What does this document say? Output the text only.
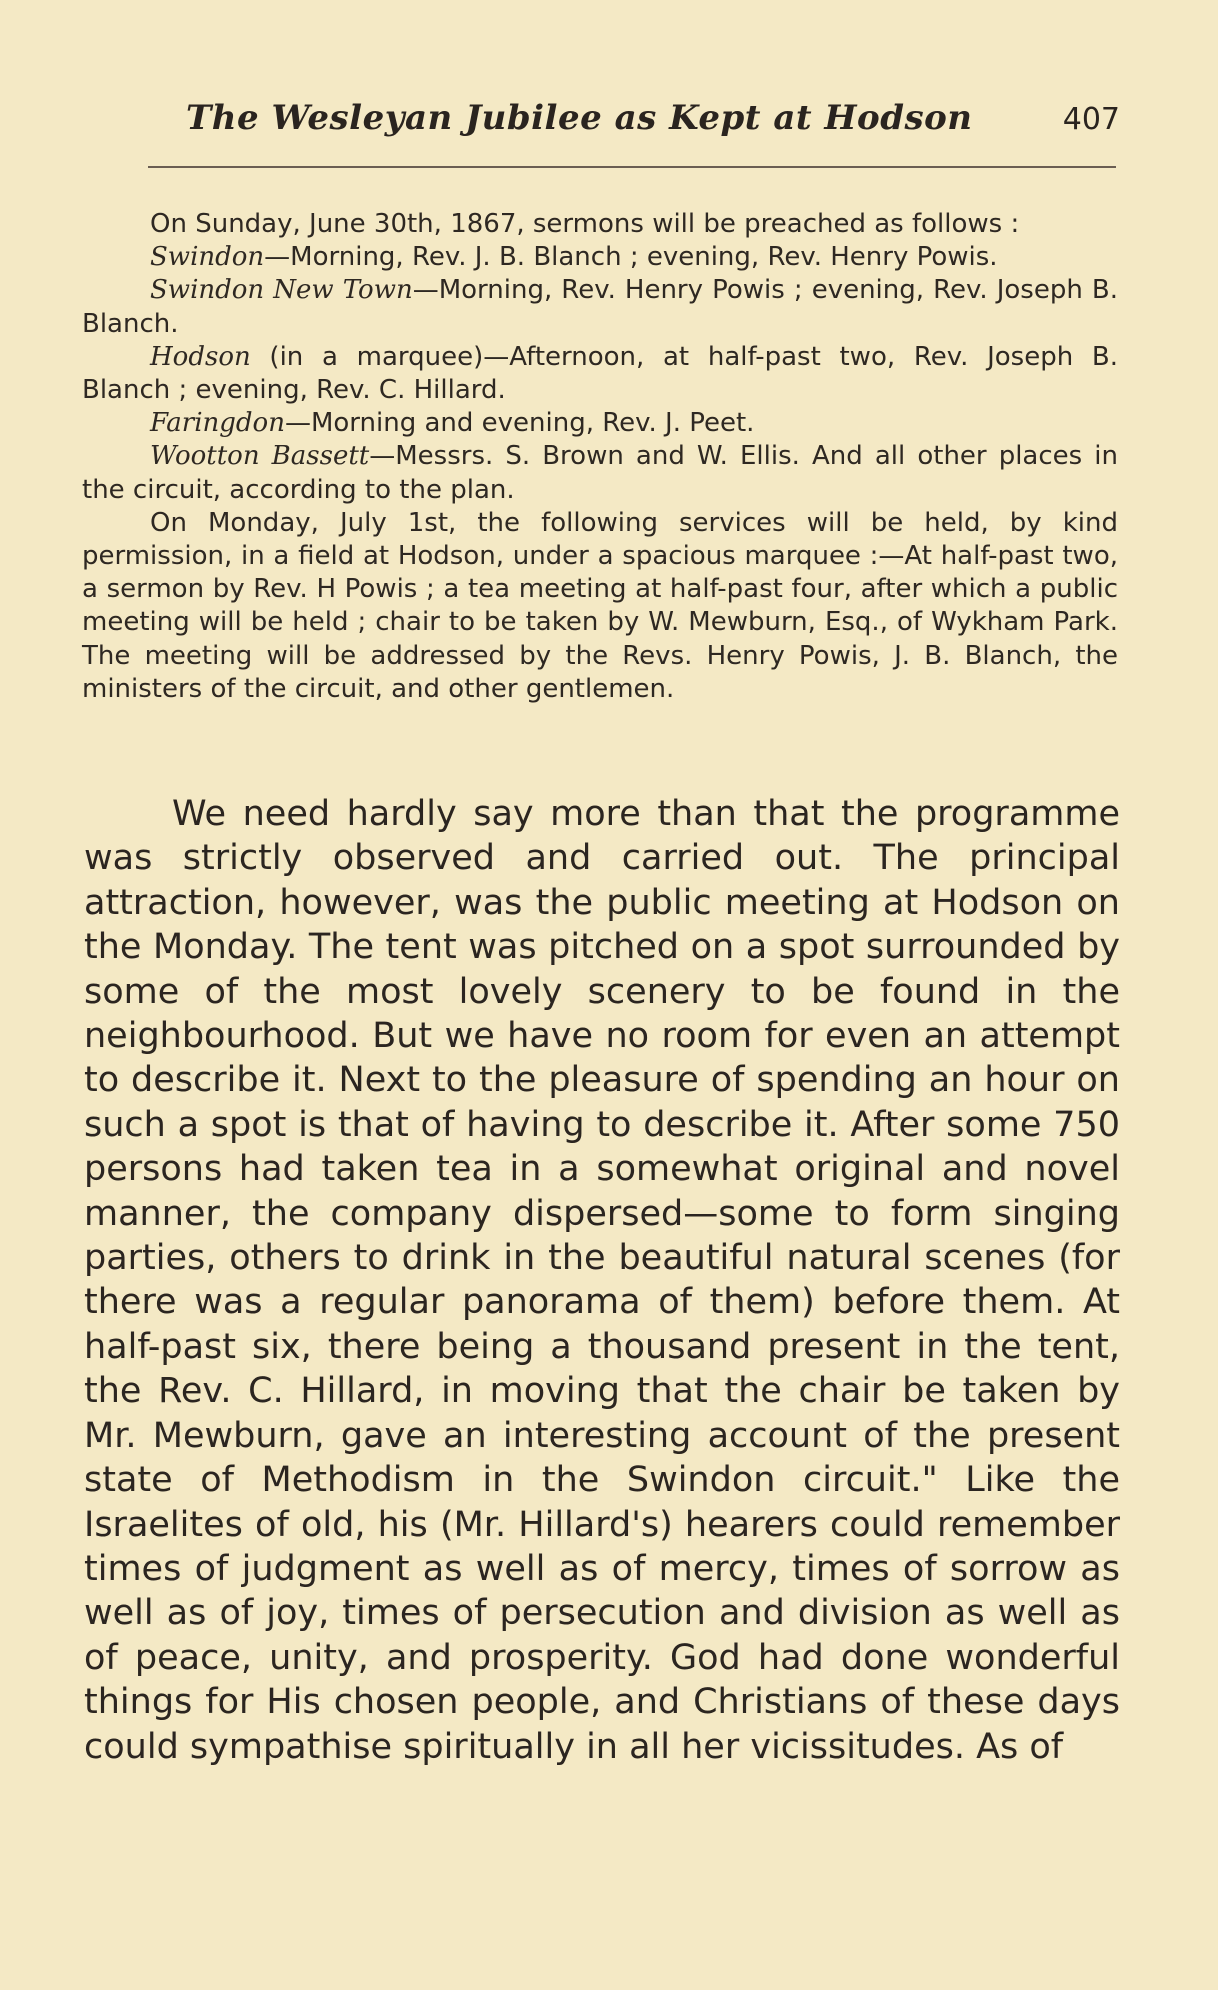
The Wesleyan Jubilee as Kept at Hodson	407

On Sunday, June 30th, 1867, sermons will be preached as follows :

Swindon—Morning, Rev. J. B. Blanch ; evening, Rev. Henry Powis.

Swindon New Town—Morning, Rev. Henry Powis ; evening, Rev. Joseph B. Blanch.

Hodson (in a marquee)—Afternoon, at half-past two, Rev. Joseph B. Blanch ; evening, Rev. C. Hillard.

Faringdon—Morning and evening, Rev. J. Peet.

Wootton Bassett—Messrs. S. Brown and W. Ellis. And all other places in the circuit, according to the plan.

On Monday, July 1st, the following services will be held, by kind permission, in a field at Hodson, under a spacious marquee :—At half-past two, a sermon by Rev. H Powis ; a tea meeting at half-past four, after which a public meeting will be held ; chair to be taken by W. Mewburn, Esq., of Wykham Park. The meeting will be addressed by the Revs. Henry Powis, J. B. Blanch, the ministers of the circuit, and other gentlemen.

We need hardly say more than that the programme was strictly observed and carried out. The principal attraction, however, was the public meeting at Hodson on the Monday. The tent was pitched on a spot surrounded by some of the most lovely scenery to be found in the neighbourhood. But we have no room for even an attempt to describe it. Next to the pleasure of spending an hour on such a spot is that of having to describe it. After some 750 persons had taken tea in a somewhat original and novel manner, the company dispersed—some to form singing parties, others to drink in the beautiful natural scenes (for there was a regular panorama of them) before them. At half-past six, there being a thousand present in the tent, the Rev. C. Hillard, in moving that the chair be taken by Mr. Mewburn, gave an interesting account of the present state of Methodism in the Swindon circuit." Like the Israelites of old, his (Mr. Hillard's) hearers could remember times of judgment as well as of mercy, times of sorrow as well as of joy, times of persecution and division as well as of peace, unity, and prosperity. God had done wonderful things for His chosen people, and Christians of these days could sympathise spiritually in all her vicissitudes. As of
